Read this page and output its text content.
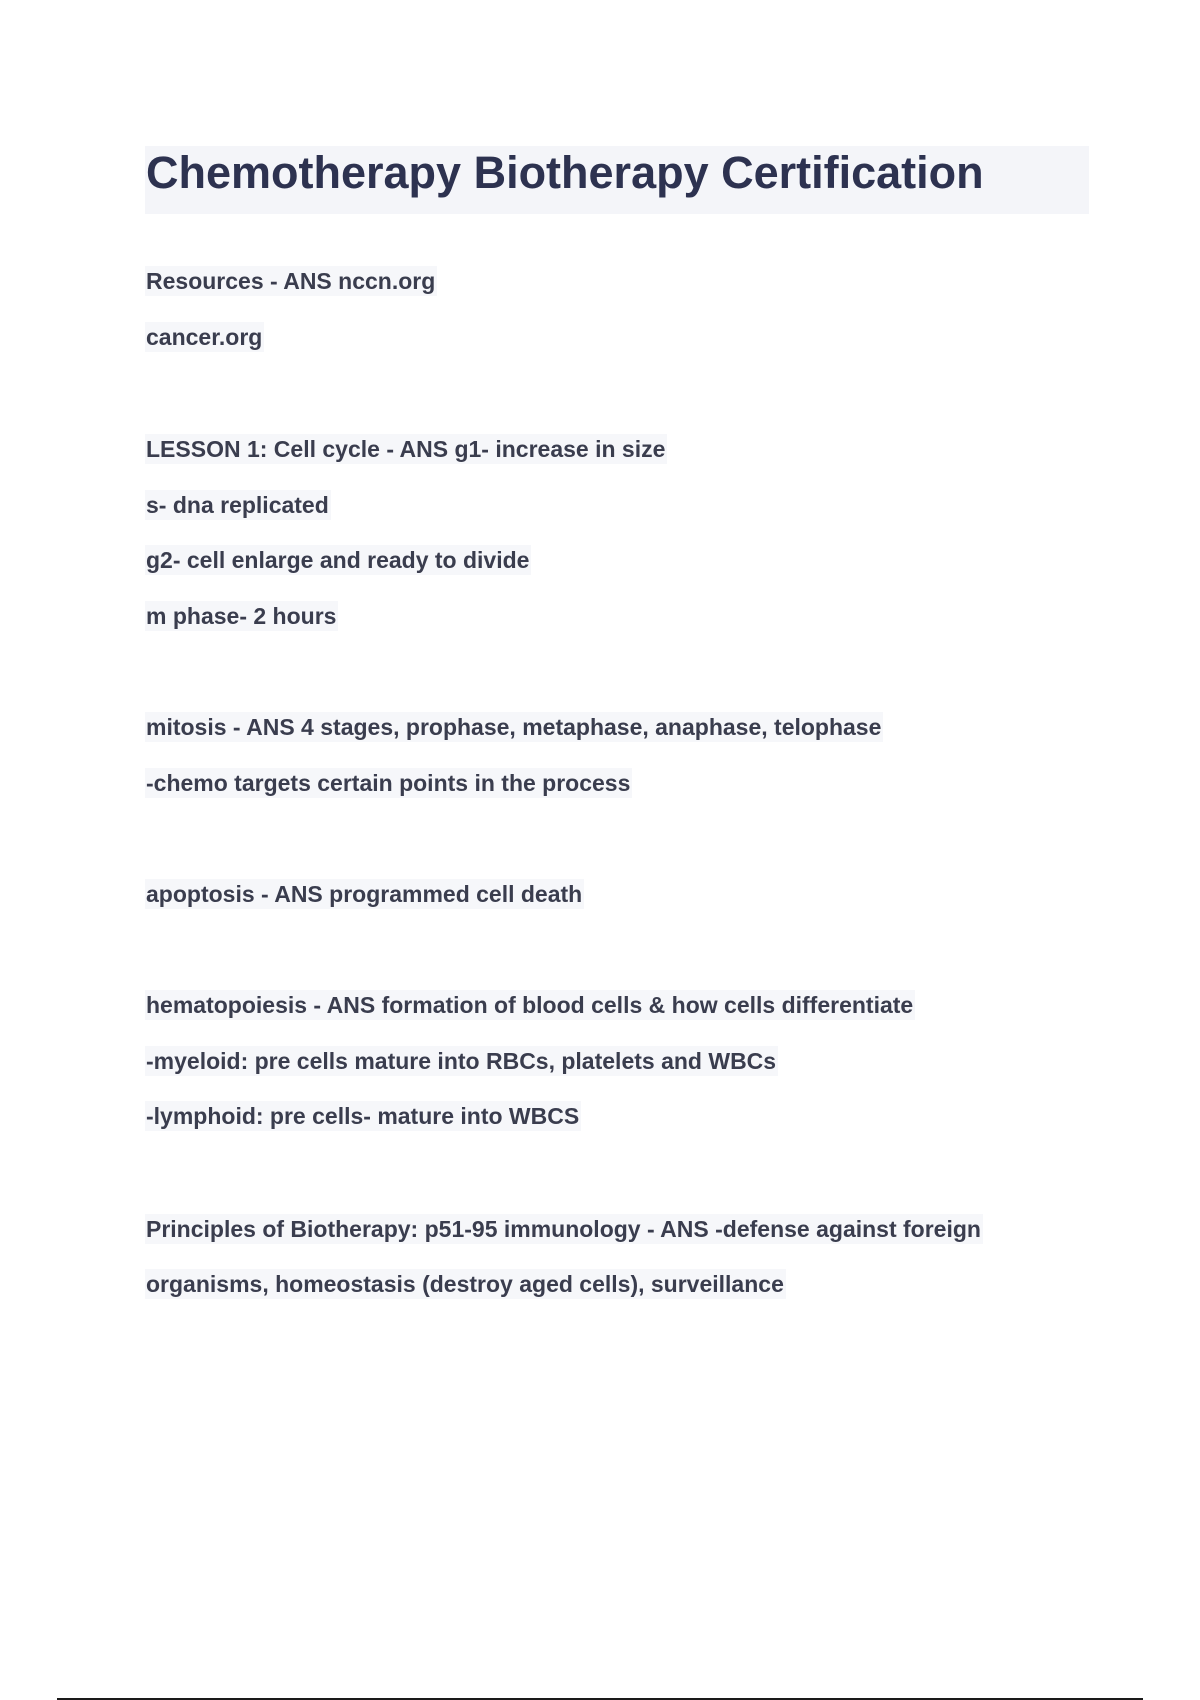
Chemotherapy Biotherapy Certification

Resources - ANS nccn.org

cancer.org

LESSON 1: Cell cycle - ANS g1- increase in size

s- dna replicated

g2- cell enlarge and ready to divide

m phase- 2 hours

mitosis - ANS 4 stages, prophase, metaphase, anaphase, telophase

-chemo targets certain points in the process

apoptosis - ANS programmed cell death

hematopoiesis - ANS formation of blood cells & how cells differentiate

-myeloid: pre cells mature into RBCs, platelets and WBCs

-lymphoid: pre cells- mature into WBCS

Principles of Biotherapy: p51-95 immunology - ANS -defense against foreign

organisms, homeostasis (destroy aged cells), surveillance
